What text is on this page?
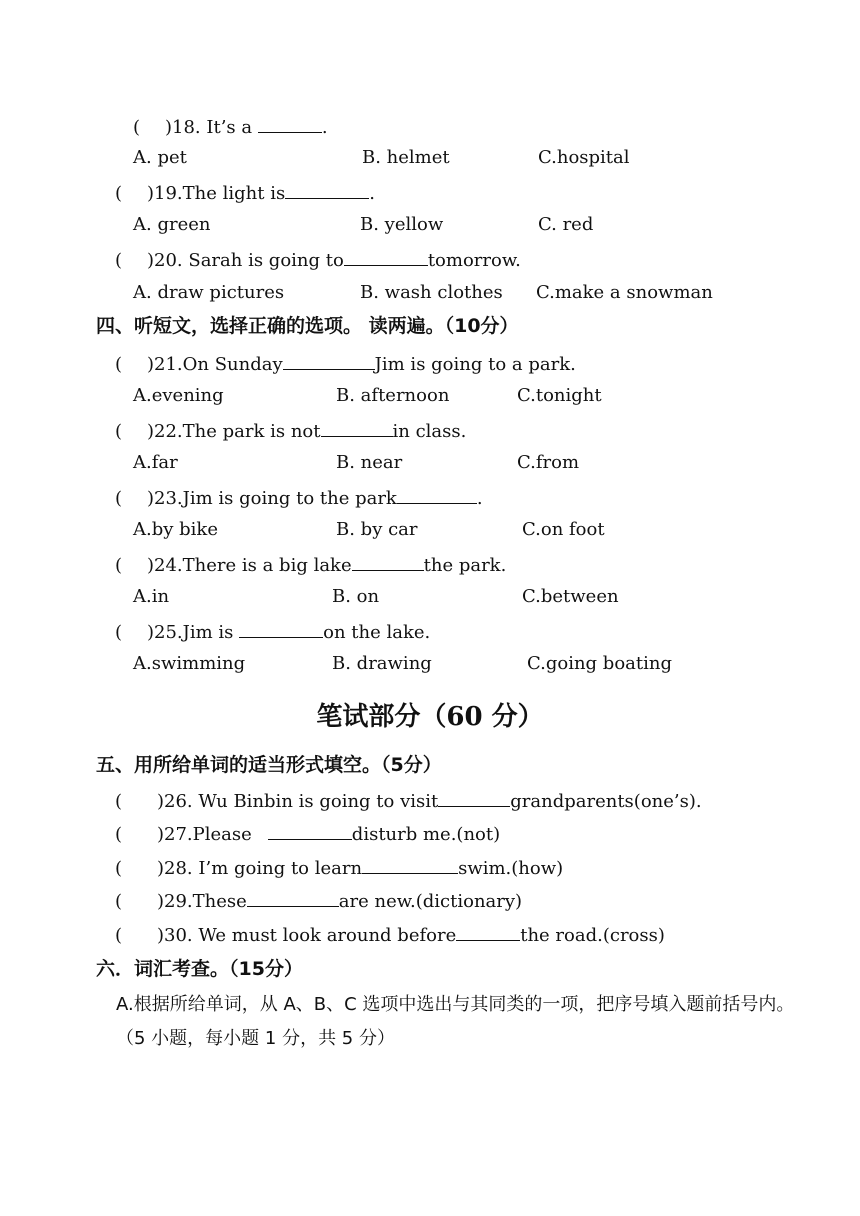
( )18. It’s a	.
A. pet	B. helmet	C.hospital
( )19.The light is	.
A. green	B. yellow	C. red
( )20. Sarah is going to	tomorrow.
A. draw pictures	B. wash clothes C.make a snowman
四、听短文，选择正确的选项。 读两遍。（10分）
( )21.On Sunday	Jim is going to a park.
A.evening	B. afternoon	C.tonight
( )22.The park is not	in class.
A.far	B. near	C.from
( )23.Jim is going to the park	.
A.by bike	B. by car	C.on foot
( )24.There is a big lake	the park.
A.in	B. on	C.between
( )25.Jim is	on the lake.
A.swimming	B. drawing	C.going boating
笔试部分（60 分）
五、用所给单词的适当形式填空。（5分）
( )26. Wu Binbin is going to visit	grandparents(one’s).
( )27.Please	disturb me.(not)
( )28. I’m going to learn	swim.(how)
( )29.These	are new.(dictionary)
( )30. We must look around before	the road.(cross)
六．词汇考查。（15分）
A.根据所给单词，从 A、B、C 选项中选出与其同类的一项，把序号填入题前括号内。（5 小题，每小题 1 分，共 5 分）
